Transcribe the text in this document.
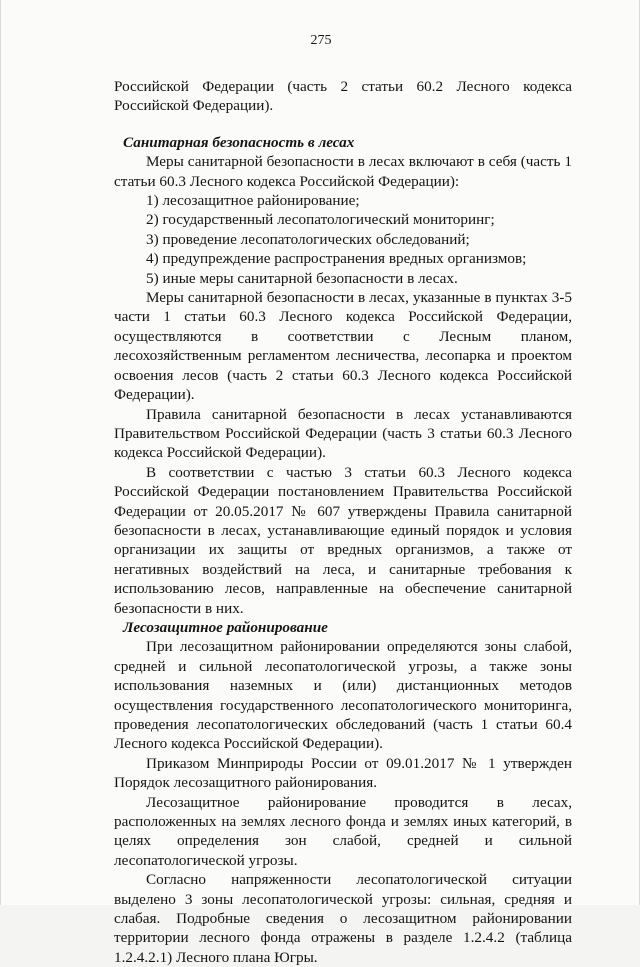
275

Российской Федерации (часть 2 статьи 60.2 Лесного кодекса Российской Федерации).

Санитарная безопасность в лесах

Меры санитарной безопасности в лесах включают в себя (часть 1 статьи 60.3 Лесного кодекса Российской Федерации):

1) лесозащитное районирование;

2) государственный лесопатологический мониторинг;

3) проведение лесопатологических обследований;

4) предупреждение распространения вредных организмов;

5) иные меры санитарной безопасности в лесах.

Меры санитарной безопасности в лесах, указанные в пунктах 3-5 части 1 статьи 60.3 Лесного кодекса Российской Федерации, осуществляются в соответствии с Лесным планом, лесохозяйственным регламентом лесничества, лесопарка и проектом освоения лесов (часть 2 статьи 60.3 Лесного кодекса Российской Федерации).

Правила санитарной безопасности в лесах устанавливаются Правительством Российской Федерации (часть 3 статьи 60.3 Лесного кодекса Российской Федерации).

В соответствии с частью 3 статьи 60.3 Лесного кодекса Российской Федерации постановлением Правительства Российской Федерации от 20.05.2017 № 607 утверждены Правила санитарной безопасности в лесах, устанавливающие единый порядок и условия организации их защиты от вредных организмов, а также от негативных воздействий на леса, и санитарные требования к использованию лесов, направленные на обеспечение санитарной безопасности в них.

Лесозащитное районирование

При лесозащитном районировании определяются зоны слабой, средней и сильной лесопатологической угрозы, а также зоны использования наземных и (или) дистанционных методов осуществления государственного лесопатологического мониторинга, проведения лесопатологических обследований (часть 1 статьи 60.4 Лесного кодекса Российской Федерации).

Приказом Минприроды России от 09.01.2017 № 1 утвержден Порядок лесозащитного районирования.

Лесозащитное районирование проводится в лесах, расположенных на землях лесного фонда и землях иных категорий, в целях определения зон слабой, средней и сильной лесопатологической угрозы.

Согласно напряженности лесопатологической ситуации выделено 3 зоны лесопатологической угрозы: сильная, средняя и слабая. Подробные сведения о лесозащитном районировании территории лесного фонда отражены в разделе 1.2.4.2 (таблица 1.2.4.2.1) Лесного плана Югры.
